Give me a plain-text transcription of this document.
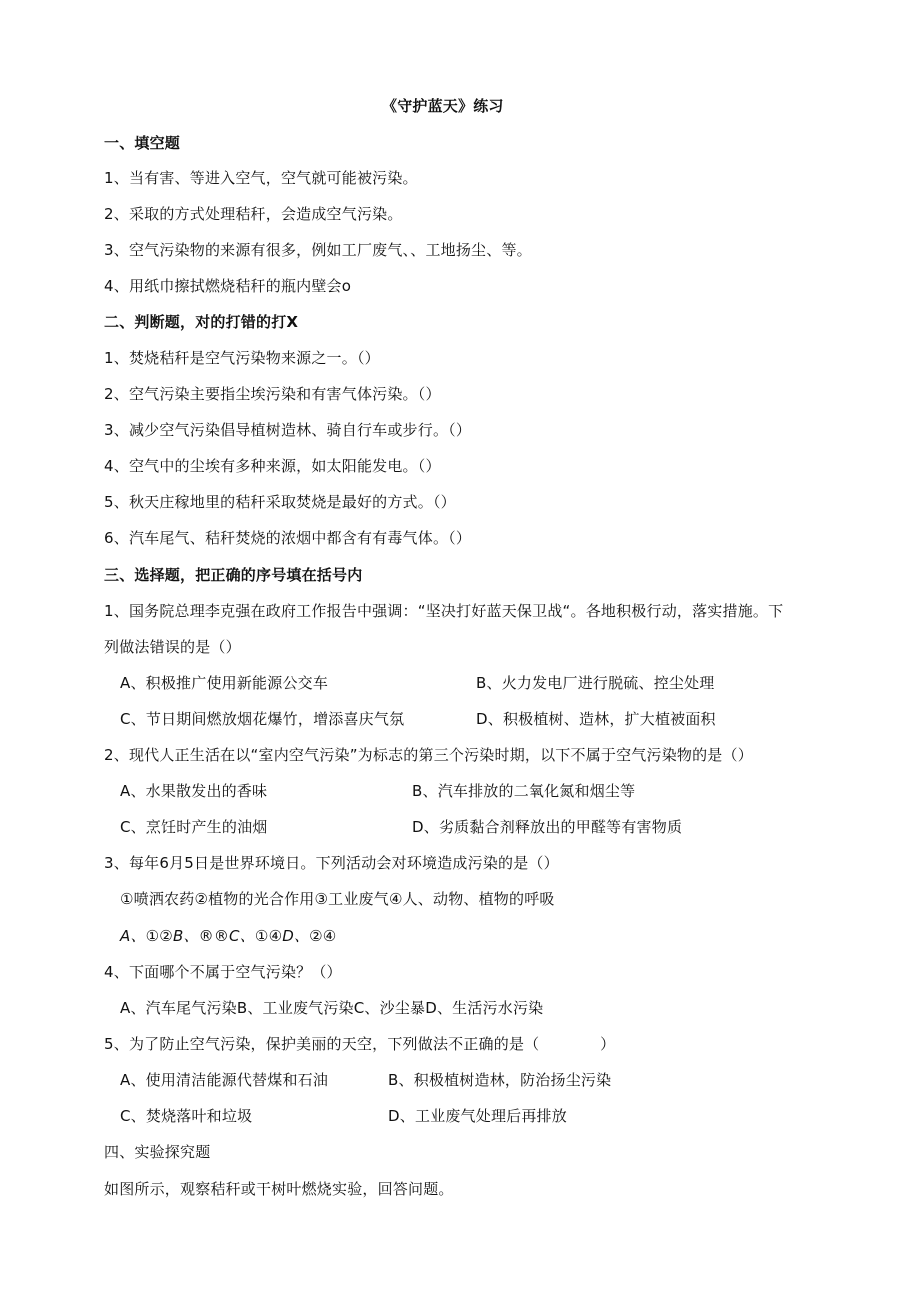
《守护蓝天》练习

一、填空题

1、当有害、等进入空气，空气就可能被污染。

2、采取的方式处理秸秆，会造成空气污染。

3、空气污染物的来源有很多，例如工厂废气、、工地扬尘、等。

4、用纸巾擦拭燃烧秸秆的瓶内壁会o

二、判断题，对的打错的打X

1、焚烧秸秆是空气污染物来源之一。（）

2、空气污染主要指尘埃污染和有害气体污染。（）

3、减少空气污染倡导植树造林、骑自行车或步行。（）

4、空气中的尘埃有多种来源，如太阳能发电。（）

5、秋天庄稼地里的秸秆采取焚烧是最好的方式。（）

6、汽车尾气、秸秆焚烧的浓烟中都含有有毒气体。（）

三、选择题，把正确的序号填在括号内

1、国务院总理李克强在政府工作报告中强调：“坚决打好蓝天保卫战“。各地积极行动，落实措施。下

列做法错误的是（）

A、积极推广使用新能源公交车	B、火力发电厂进行脱硫、控尘处理

C、节日期间燃放烟花爆竹，增添喜庆气氛	D、积极植树、造林，扩大植被面积

2、现代人正生活在以“室内空气污染”为标志的第三个污染时期，以下不属于空气污染物的是（）

A、水果散发出的香味	B、汽车排放的二氧化氮和烟尘等

C、烹饪时产生的油烟	D、劣质黏合剂释放出的甲醛等有害物质

3、每年6月5日是世界环境日。下列活动会对环境造成污染的是（）

①喷洒农药②植物的光合作用③工业废气④人、动物、植物的呼吸

A、①②B、®®C、①④D、②④

4、下面哪个不属于空气污染？（）

A、汽车尾气污染B、工业废气污染C、沙尘暴D、生活污水污染

5、为了防止空气污染，保护美丽的天空，下列做法不正确的是（　　　　）

A、使用清洁能源代替煤和石油	B、积极植树造林，防治扬尘污染

C、焚烧落叶和垃圾	D、工业废气处理后再排放

四、实验探究题

如图所示，观察秸秆或干树叶燃烧实验，回答问题。
